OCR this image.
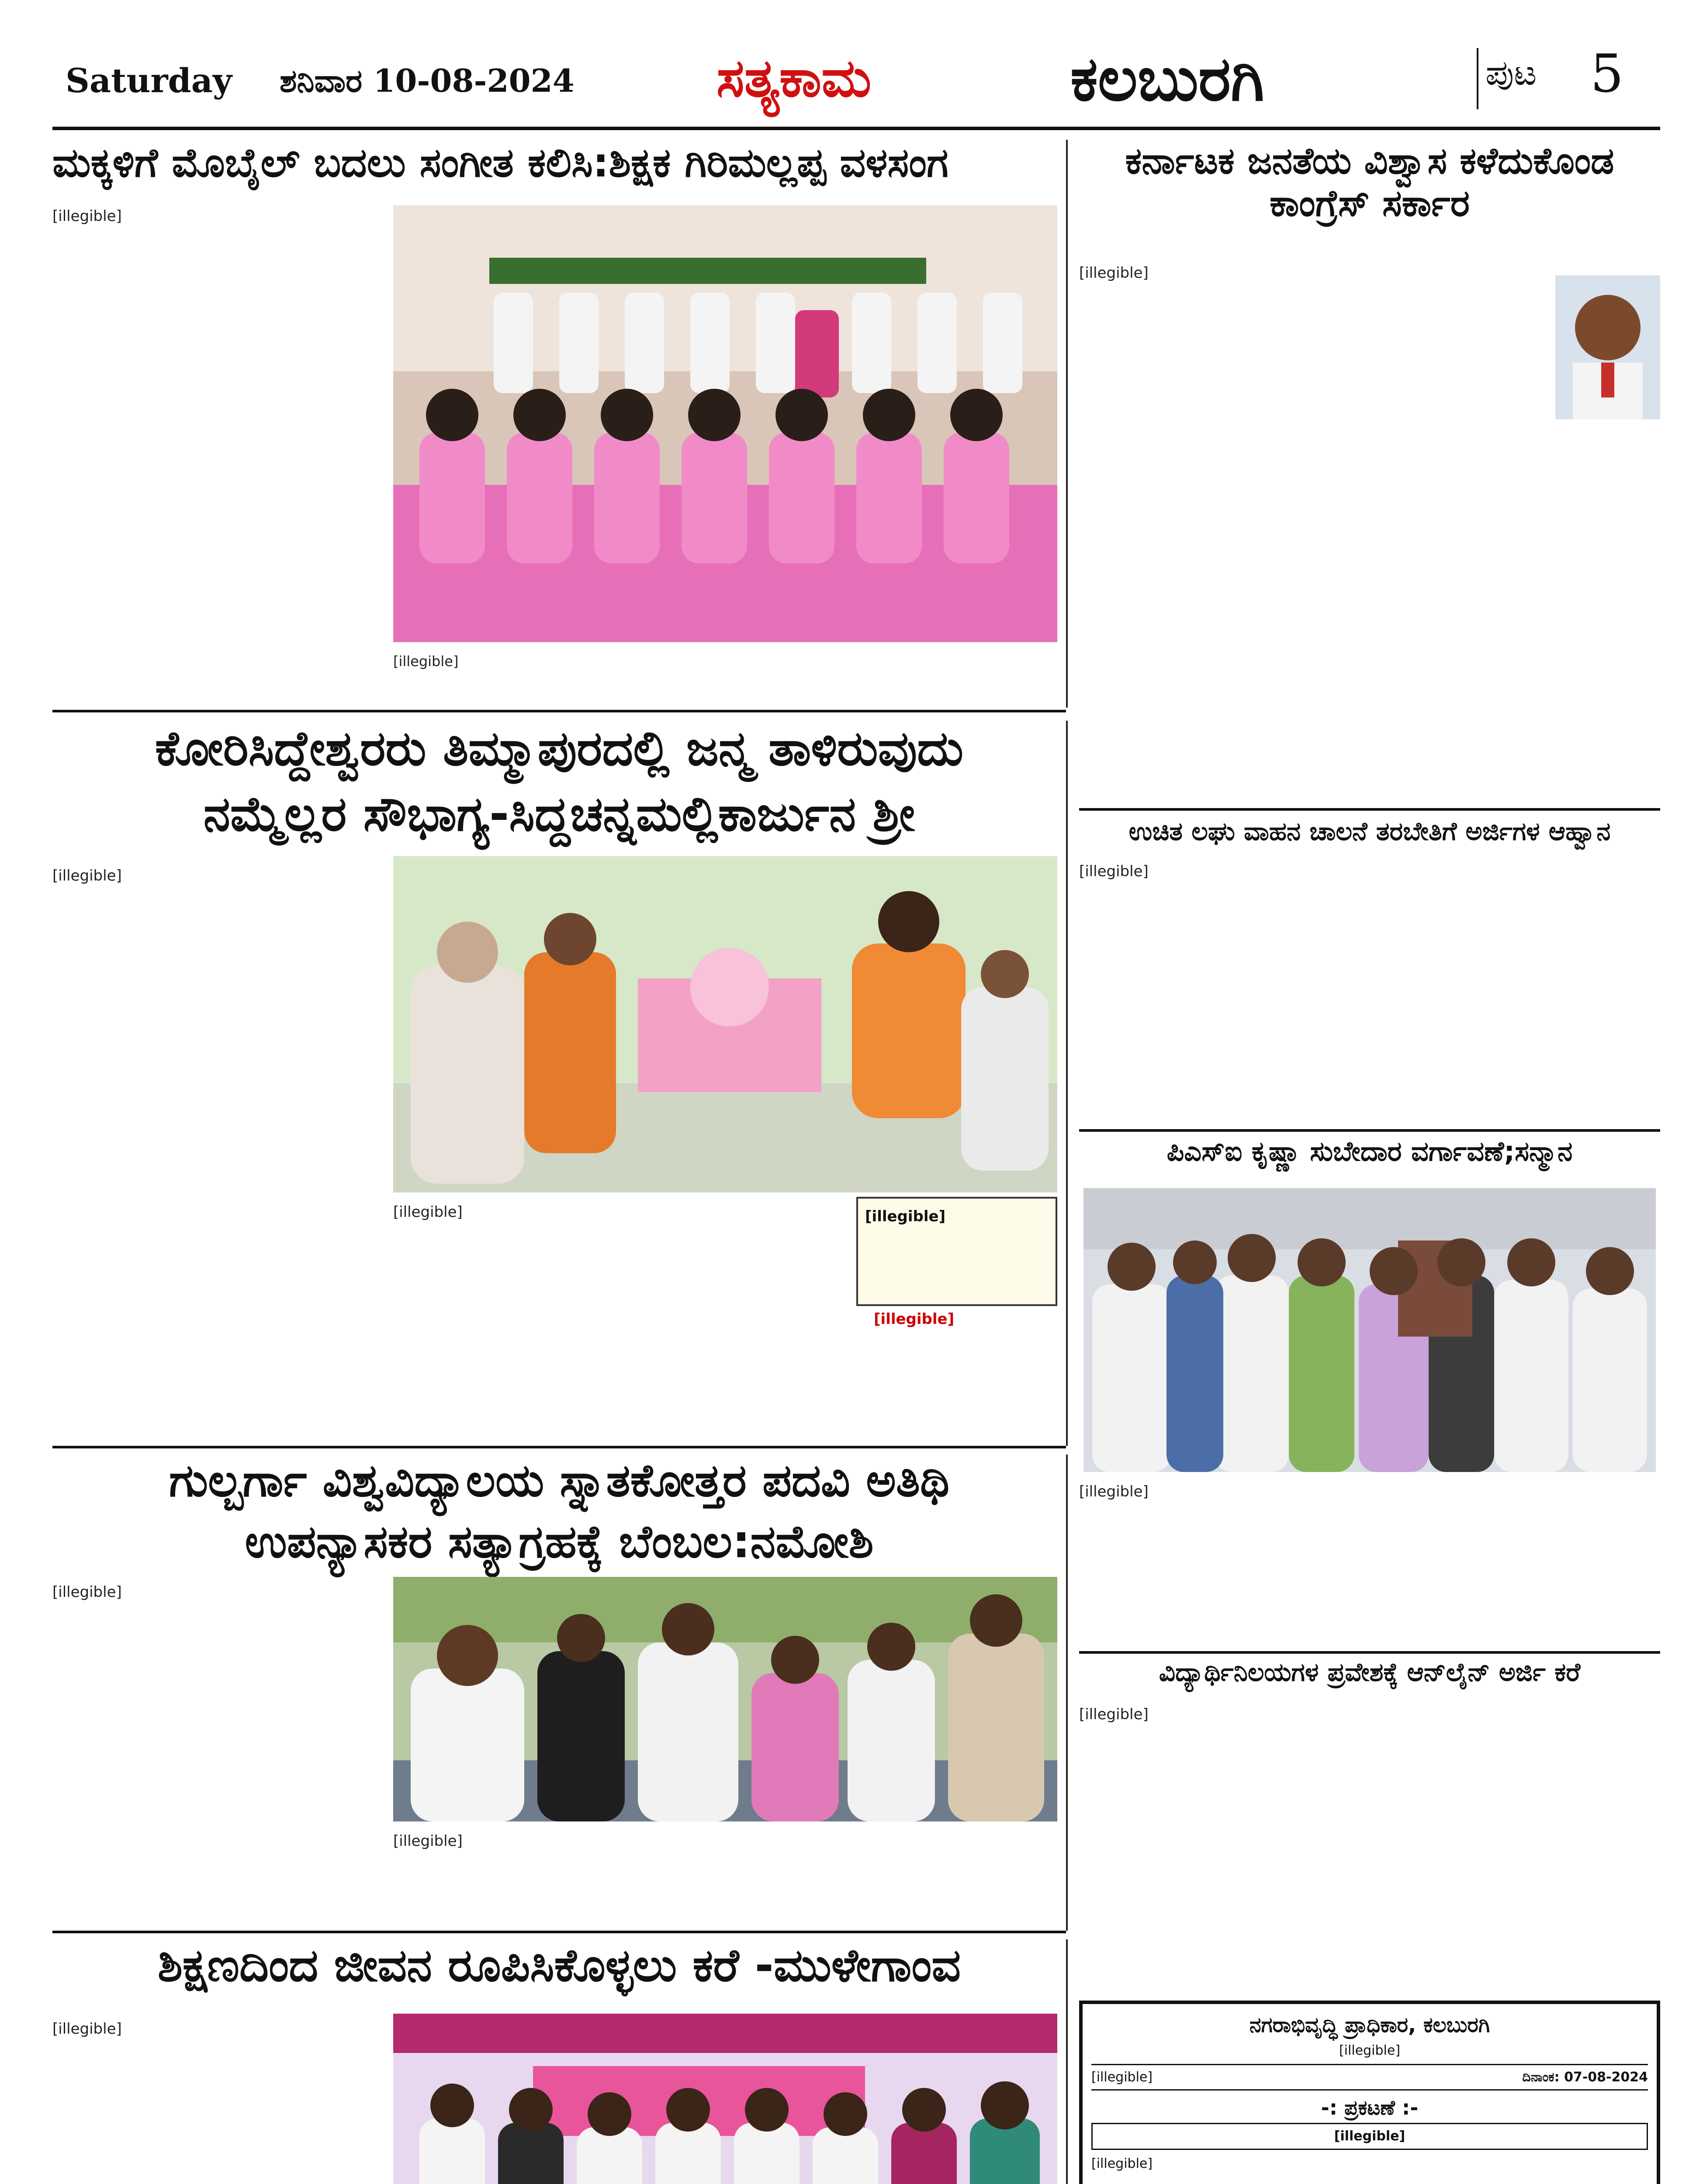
Saturday ಶನಿವಾರ 10-08-2024	ಸತ್ಯಕಾಮ	ಕಲಬುರಗಿ	ಪುಟ 5
ಮಕ್ಕಳಿಗೆ ಮೊಬೈಲ್ ಬದಲು ಸಂಗೀತ ಕಲಿಸಿ:ಶಿಕ್ಷಕ ಗಿರಿಮಲ್ಲಪ್ಪ ವಳಸಂಗ
[illegible]
[illegible]
ಕರ್ನಾಟಕ ಜನತೆಯ ವಿಶ್ವಾಸ ಕಳೆದುಕೊಂಡ ಕಾಂಗ್ರೆಸ್ ಸರ್ಕಾರ
[illegible]
ಕೋರಿಸಿದ್ದೇಶ್ವರರು ತಿಮ್ಮಾಪುರದಲ್ಲಿ ಜನ್ಮ ತಾಳಿರುವುದು
ನಮ್ಮೆಲ್ಲರ ಸೌಭಾಗ್ಯ-ಸಿದ್ದಚನ್ನಮಲ್ಲಿಕಾರ್ಜುನ ಶ್ರೀ
[illegible]
[illegible]	[illegible]
[illegible]
ಉಚಿತ ಲಘು ವಾಹನ ಚಾಲನೆ ತರಬೇತಿಗೆ ಅರ್ಜಿಗಳ ಆಹ್ವಾನ
[illegible]
ಪಿಎಸ್ಐ ಕೃಷ್ಣಾ ಸುಬೇದಾರ ವರ್ಗಾವಣೆ;ಸನ್ಮಾನ
[illegible]
ಗುಲ್ಬರ್ಗಾ ವಿಶ್ವವಿದ್ಯಾಲಯ ಸ್ನಾತಕೋತ್ತರ ಪದವಿ ಅತಿಥಿ
ಉಪನ್ಯಾಸಕರ ಸತ್ಯಾಗ್ರಹಕ್ಕೆ ಬೆಂಬಲ:ನಮೋಶಿ
[illegible]
[illegible]
ವಿದ್ಯಾರ್ಥಿನಿಲಯಗಳ ಪ್ರವೇಶಕ್ಕೆ ಆನ್‌ಲೈನ್ ಅರ್ಜಿ ಕರೆ
[illegible]
ಶಿಕ್ಷಣದಿಂದ ಜೀವನ ರೂಪಿಸಿಕೊಳ್ಳಲು ಕರೆ -ಮುಳೇಗಾಂವ
[illegible]	ನಗರಾಭಿವೃದ್ಧಿ ಪ್ರಾಧಿಕಾರ, ಕಲಬುರಗಿ
[illegible]
[illegible]	ದಿನಾಂಕ: 07-08-2024
-: ಪ್ರಕಟಣೆ :-
[illegible]
[illegible]
